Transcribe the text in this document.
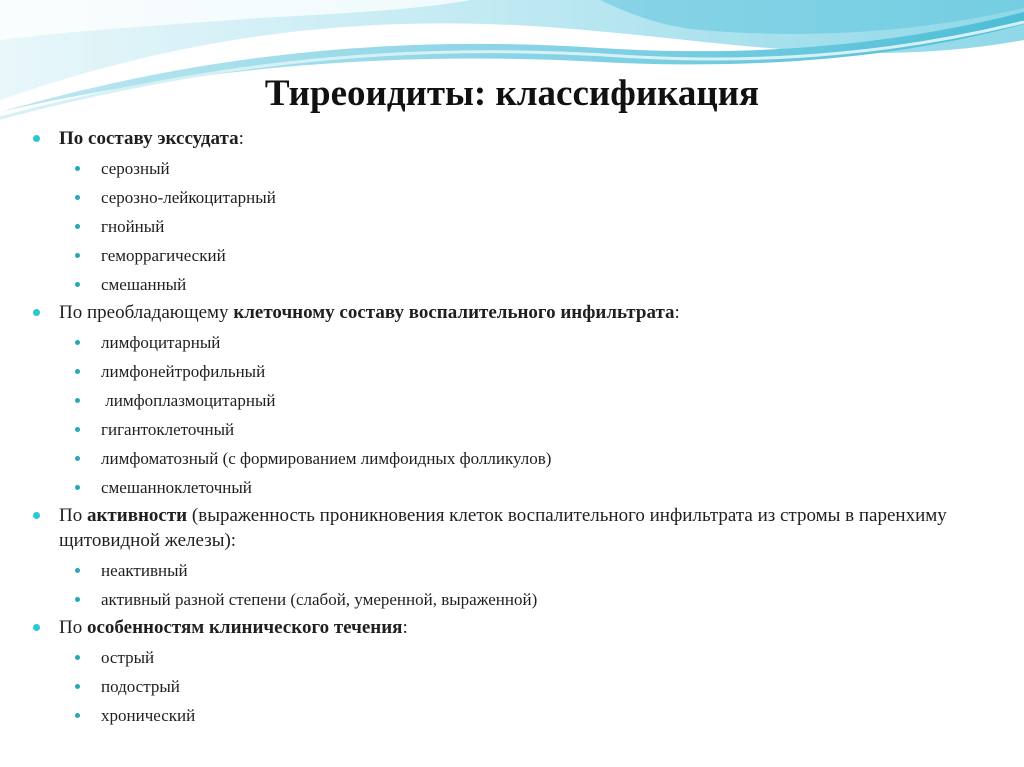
Тиреоидиты: классификация
По составу экссудата:
серозный
серозно-лейкоцитарный
гнойный
геморрагический
смешанный
По преобладающему клеточному составу воспалительного инфильтрата:
лимфоцитарный
лимфонейтрофильный
лимфоплазмоцитарный
гигантоклеточный
лимфоматозный (с формированием лимфоидных фолликулов)
смешанноклеточный
По активности (выраженность проникновения клеток воспалительного инфильтрата из стромы в паренхиму щитовидной железы):
неактивный
активный разной степени (слабой, умеренной, выраженной)
По особенностям клинического течения:
острый
подострый
хронический
